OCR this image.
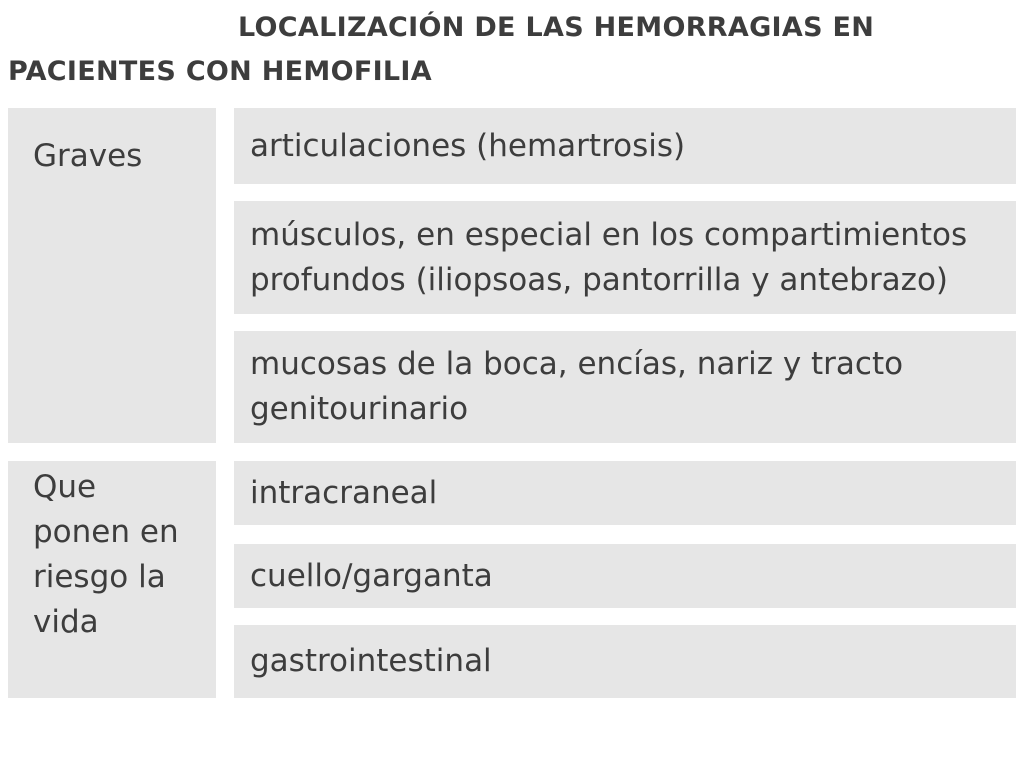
LOCALIZACIÓN DE LAS HEMORRAGIAS EN PACIENTES CON HEMOFILIA
Graves	articulaciones (hemartrosis)
músculos, en especial en los compartimientos profundos (iliopsoas, pantorrilla y antebrazo)
mucosas de la boca, encías, nariz y tracto genitourinario
Que ponen en riesgo la vida
intracraneal
cuello/garganta
gastrointestinal
